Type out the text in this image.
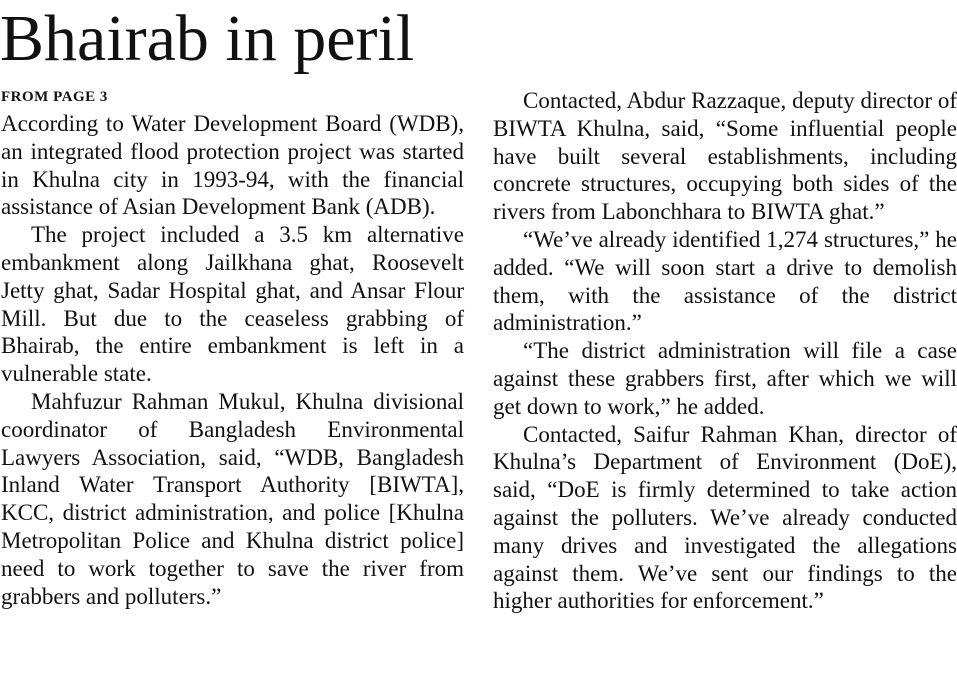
Bhairab in peril
FROM PAGE 3

According to Water Development Board (WDB), an integrated flood protection project was started in Khulna city in 1993-94, with the financial assistance of Asian Development Bank (ADB).

The project included a 3.5 km alternative embankment along Jailkhana ghat, Roosevelt Jetty ghat, Sadar Hospital ghat, and Ansar Flour Mill. But due to the ceaseless grabbing of Bhairab, the entire embankment is left in a vulnerable state.

Mahfuzur Rahman Mukul, Khulna divisional coordinator of Bangladesh Environmental Lawyers Association, said, “WDB, Bangladesh Inland Water Transport Authority [BIWTA], KCC, district administration, and police [Khulna Metropolitan Police and Khulna district police] need to work together to save the river from grabbers and polluters.”

Contacted, Abdur Razzaque, deputy director of BIWTA Khulna, said, “Some influential people have built several establishments, including concrete structures, occupying both sides of the rivers from Labonchhara to BIWTA ghat.”

“We’ve already identified 1,274 structures,” he added. “We will soon start a drive to demolish them, with the assistance of the district administration.”

“The district administration will file a case against these grabbers first, after which we will get down to work,” he added.

Contacted, Saifur Rahman Khan, director of Khulna’s Department of Environment (DoE), said, “DoE is firmly determined to take action against the polluters. We’ve already conducted many drives and investigated the allegations against them. We’ve sent our findings to the higher authorities for enforcement.”
